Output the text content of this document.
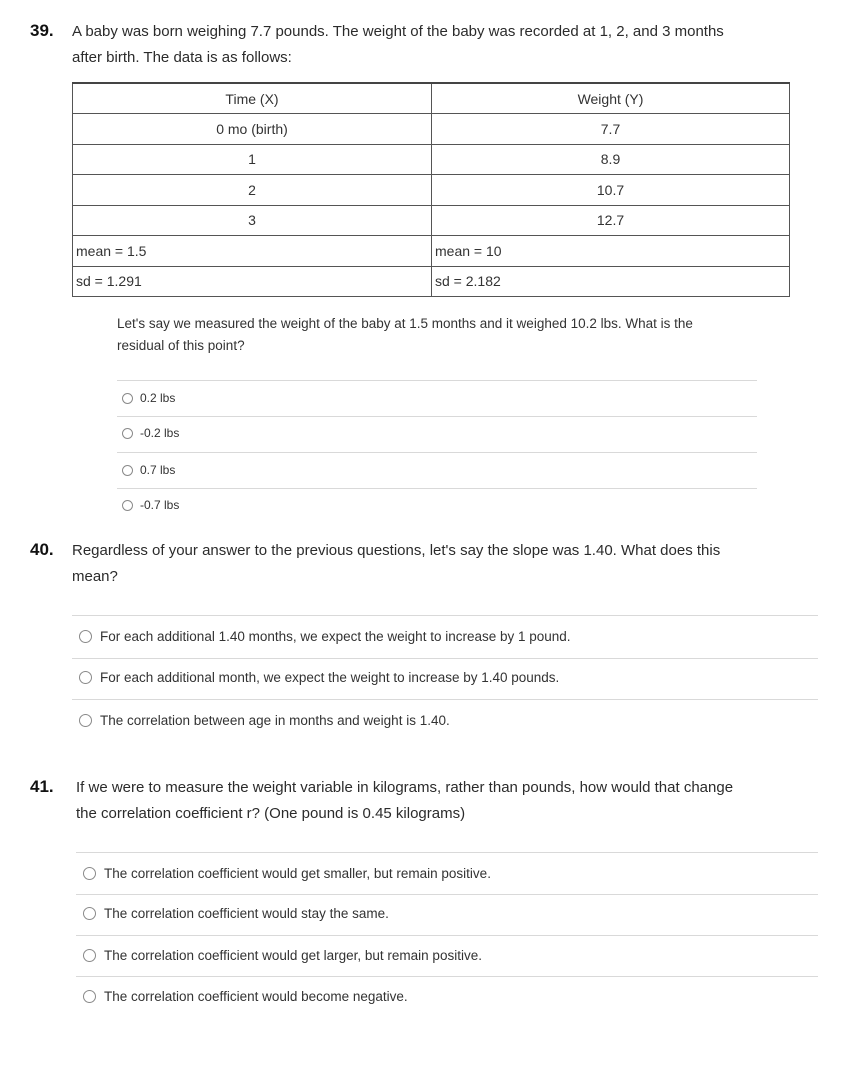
39. A baby was born weighing 7.7 pounds. The weight of the baby was recorded at 1, 2, and 3 months
after birth. The data is as follows:
Time (X)	Weight (Y)
0 mo (birth)	7.7
1	8.9
2	10.7
3	12.7
mean = 1.5	mean = 10
sd = 1.291	sd = 2.182
Let's say we measured the weight of the baby at 1.5 months and it weighed 10.2 lbs. What is the
residual of this point?
0.2 lbs
-0.2 lbs
0.7 lbs
-0.7 lbs
40. Regardless of your answer to the previous questions, let's say the slope was 1.40. What does this
mean?
For each additional 1.40 months, we expect the weight to increase by 1 pound.
For each additional month, we expect the weight to increase by 1.40 pounds.
The correlation between age in months and weight is 1.40.
41. If we were to measure the weight variable in kilograms, rather than pounds, how would that change
the correlation coefficient r? (One pound is 0.45 kilograms)
The correlation coefficient would get smaller, but remain positive.
The correlation coefficient would stay the same.
The correlation coefficient would get larger, but remain positive.
The correlation coefficient would become negative.
